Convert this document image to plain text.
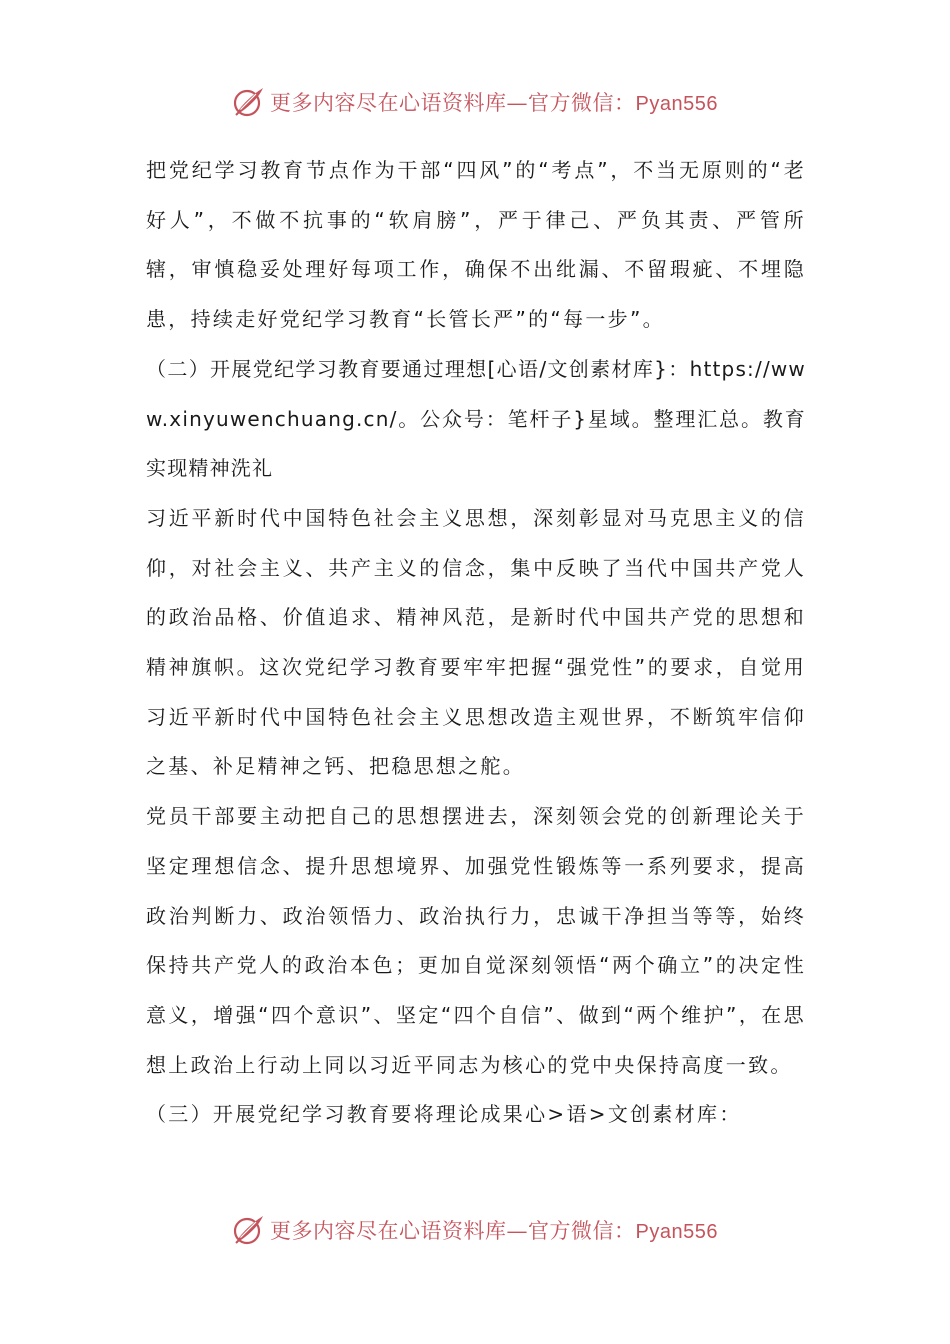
更多内容尽在心语资料库—官方微信：Pyan556

把党纪学习教育节点作为干部“四风”的“考点”，不当无原则的“老好人”，不做不抗事的“软肩膀”，严于律己、严负其责、严管所辖，审慎稳妥处理好每项工作，确保不出纰漏、不留瑕疵、不埋隐患，持续走好党纪学习教育“长管长严”的“每一步”。

（二）开展党纪学习教育要通过理想[心语/文创素材库}：https://www.xinyuwenchuang.cn/。公众号：笔杆子}星域。整理汇总。教育实现精神洗礼

习近平新时代中国特色社会主义思想，深刻彰显对马克思主义的信仰，对社会主义、共产主义的信念，集中反映了当代中国共产党人的政治品格、价值追求、精神风范，是新时代中国共产党的思想和精神旗帜。这次党纪学习教育要牢牢把握“强党性”的要求，自觉用习近平新时代中国特色社会主义思想改造主观世界，不断筑牢信仰之基、补足精神之钙、把稳思想之舵。

党员干部要主动把自己的思想摆进去，深刻领会党的创新理论关于坚定理想信念、提升思想境界、加强党性锻炼等一系列要求，提高政治判断力、政治领悟力、政治执行力，忠诚干净担当等等，始终保持共产党人的政治本色；更加自觉深刻领悟“两个确立”的决定性意义，增强“四个意识”、坚定“四个自信”、做到“两个维护”，在思想上政治上行动上同以习近平同志为核心的党中央保持高度一致。

（三）开展党纪学习教育要将理论成果心>语>文创素材库：

更多内容尽在心语资料库—官方微信：Pyan556
